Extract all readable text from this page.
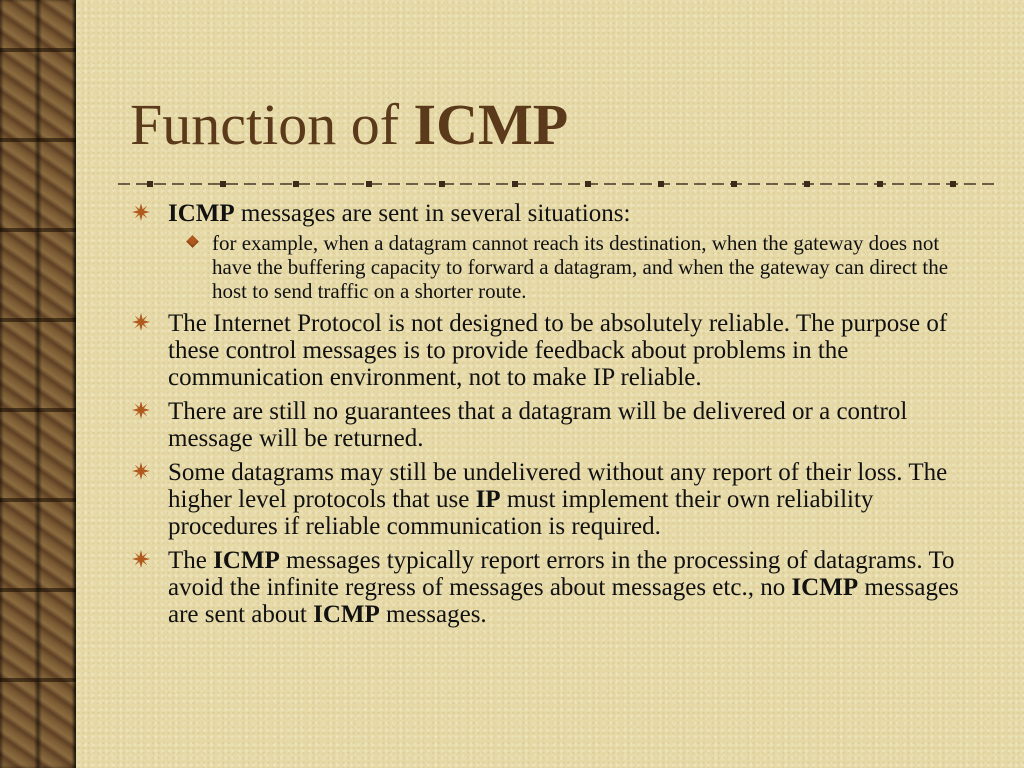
Function of ICMP
ICMP messages are sent in several situations:
for example, when a datagram cannot reach its destination, when the gateway does not have the buffering capacity to forward a datagram, and when the gateway can direct the host to send traffic on a shorter route.
The Internet Protocol is not designed to be absolutely reliable. The purpose of these control messages is to provide feedback about problems in the communication environment, not to make IP reliable.
There are still no guarantees that a datagram will be delivered or a control message will be returned.
Some datagrams may still be undelivered without any report of their loss. The higher level protocols that use IP must implement their own reliability procedures if reliable communication is required.
The ICMP messages typically report errors in the processing of datagrams. To avoid the infinite regress of messages about messages etc., no ICMP messages are sent about ICMP messages.
